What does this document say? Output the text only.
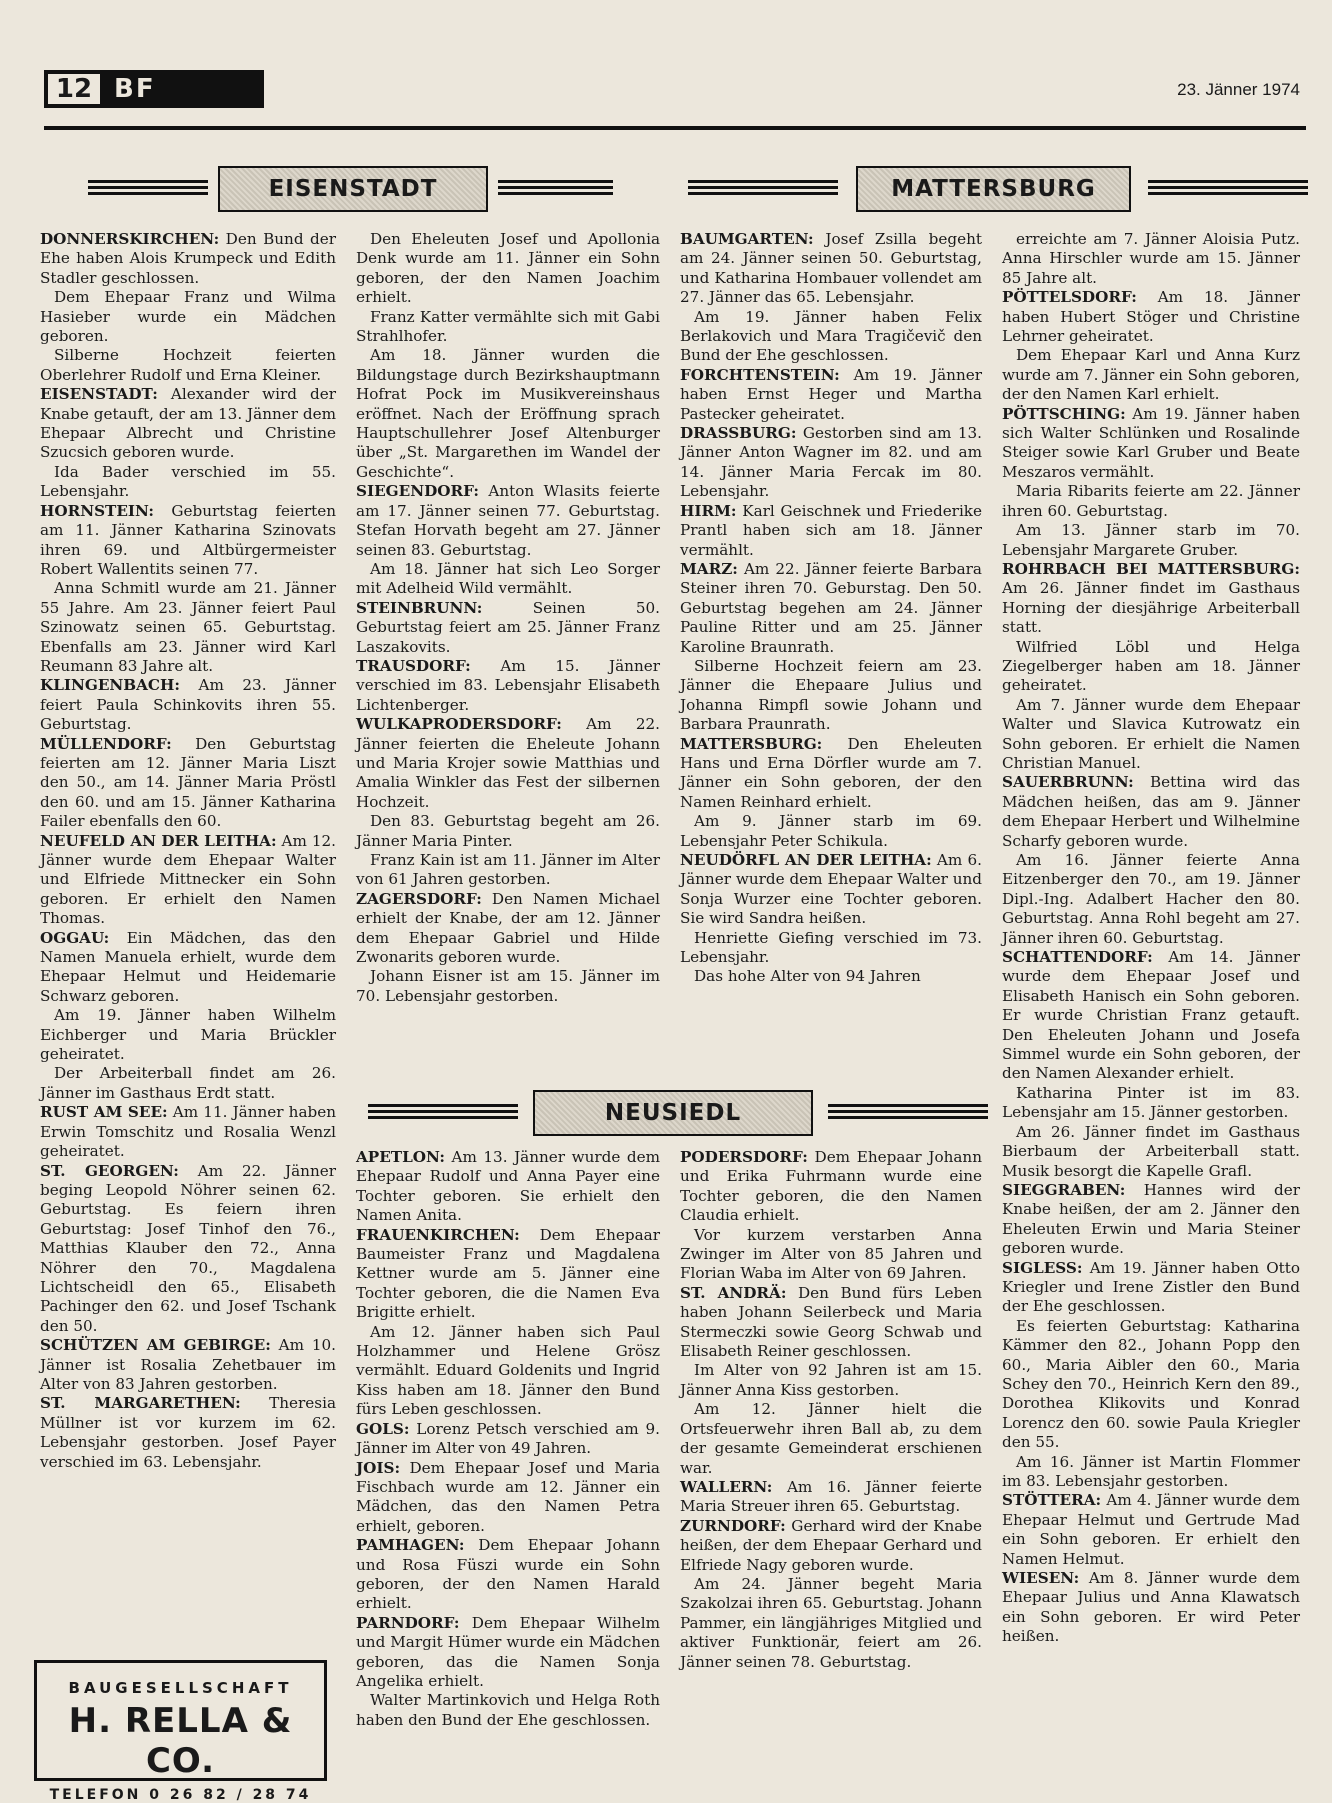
12 BF	23. Jänner 1974
EISENSTADT	MATTERSBURG
NEUSIEDL

DONNERSKIRCHEN: Den Bund der Ehe haben Alois Krumpeck und Edith Stadler geschlossen.

Dem Ehepaar Franz und Wilma Hasieber wurde ein Mädchen geboren.

Silberne Hochzeit feierten Oberlehrer Rudolf und Erna Kleiner.

EISENSTADT: Alexander wird der Knabe getauft, der am 13. Jänner dem Ehepaar Albrecht und Christine Szucsich geboren wurde.

Ida Bader verschied im 55. Lebensjahr.

HORNSTEIN: Geburtstag feierten am 11. Jänner Katharina Szinovats ihren 69. und Altbürgermeister Robert Wallentits seinen 77.

Anna Schmitl wurde am 21. Jänner 55 Jahre. Am 23. Jänner feiert Paul Szinowatz seinen 65. Geburtstag. Ebenfalls am 23. Jänner wird Karl Reumann 83 Jahre alt.

KLINGENBACH: Am 23. Jänner feiert Paula Schinkovits ihren 55. Geburtstag.

MÜLLENDORF: Den Geburtstag feierten am 12. Jänner Maria Liszt den 50., am 14. Jänner Maria Pröstl den 60. und am 15. Jänner Katharina Failer ebenfalls den 60.

NEUFELD AN DER LEITHA: Am 12. Jänner wurde dem Ehepaar Walter und Elfriede Mittnecker ein Sohn geboren. Er erhielt den Namen Thomas.

OGGAU: Ein Mädchen, das den Namen Manuela erhielt, wurde dem Ehepaar Helmut und Heidemarie Schwarz geboren.

Am 19. Jänner haben Wilhelm Eichberger und Maria Brückler geheiratet.

Der Arbeiterball findet am 26. Jänner im Gasthaus Erdt statt.

RUST AM SEE: Am 11. Jänner haben Erwin Tomschitz und Rosalia Wenzl geheiratet.

ST. GEORGEN: Am 22. Jänner beging Leopold Nöhrer seinen 62. Geburtstag. Es feiern ihren Geburtstag: Josef Tinhof den 76., Matthias Klauber den 72., Anna Nöhrer den 70., Magdalena Lichtscheidl den 65., Elisabeth Pachinger den 62. und Josef Tschank den 50.

SCHÜTZEN AM GEBIRGE: Am 10. Jänner ist Rosalia Zehetbauer im Alter von 83 Jahren gestorben.

ST. MARGARETHEN: Theresia Müllner ist vor kurzem im 62. Lebensjahr gestorben. Josef Payer verschied im 63. Lebensjahr.

Den Eheleuten Josef und Apollonia Denk wurde am 11. Jänner ein Sohn geboren, der den Namen Joachim erhielt.

Franz Katter vermählte sich mit Gabi Strahlhofer.

Am 18. Jänner wurden die Bildungstage durch Bezirkshauptmann Hofrat Pock im Musikvereinshaus eröffnet. Nach der Eröffnung sprach Hauptschullehrer Josef Altenburger über „St. Margarethen im Wandel der Geschichte“.

SIEGENDORF: Anton Wlasits feierte am 17. Jänner seinen 77. Geburtstag. Stefan Horvath begeht am 27. Jänner seinen 83. Geburtstag.

Am 18. Jänner hat sich Leo Sorger mit Adelheid Wild vermählt.

STEINBRUNN: Seinen 50. Geburtstag feiert am 25. Jänner Franz Laszakovits.

TRAUSDORF: Am 15. Jänner verschied im 83. Lebensjahr Elisabeth Lichtenberger.

WULKAPRODERSDORF: Am 22. Jänner feierten die Eheleute Johann und Maria Krojer sowie Matthias und Amalia Winkler das Fest der silbernen Hochzeit.

Den 83. Geburtstag begeht am 26. Jänner Maria Pinter.

Franz Kain ist am 11. Jänner im Alter von 61 Jahren gestorben.

ZAGERSDORF: Den Namen Michael erhielt der Knabe, der am 12. Jänner dem Ehepaar Gabriel und Hilde Zwonarits geboren wurde.

Johann Eisner ist am 15. Jänner im 70. Lebensjahr gestorben.

BAUMGARTEN: Josef Zsilla begeht am 24. Jänner seinen 50. Geburtstag, und Katharina Hombauer vollendet am 27. Jänner das 65. Lebensjahr.

Am 19. Jänner haben Felix Berlakovich und Mara Tragičevič den Bund der Ehe geschlossen.

FORCHTENSTEIN: Am 19. Jänner haben Ernst Heger und Martha Pastecker geheiratet.

DRASSBURG: Gestorben sind am 13. Jänner Anton Wagner im 82. und am 14. Jänner Maria Fercak im 80. Lebensjahr.

HIRM: Karl Geischnek und Friederike Prantl haben sich am 18. Jänner vermählt.

MARZ: Am 22. Jänner feierte Barbara Steiner ihren 70. Geburstag. Den 50. Geburtstag begehen am 24. Jänner Pauline Ritter und am 25. Jänner Karoline Braunrath.

Silberne Hochzeit feiern am 23. Jänner die Ehepaare Julius und Johanna Rimpfl sowie Johann und Barbara Praunrath.

MATTERSBURG: Den Eheleuten Hans und Erna Dörfler wurde am 7. Jänner ein Sohn geboren, der den Namen Reinhard erhielt.

Am 9. Jänner starb im 69. Lebensjahr Peter Schikula.

NEUDÖRFL AN DER LEITHA: Am 6. Jänner wurde dem Ehepaar Walter und Sonja Wurzer eine Tochter geboren. Sie wird Sandra heißen.

Henriette Giefing verschied im 73. Lebensjahr.

Das hohe Alter von 94 Jahren

erreichte am 7. Jänner Aloisia Putz. Anna Hirschler wurde am 15. Jänner 85 Jahre alt.

PÖTTELSDORF: Am 18. Jänner haben Hubert Stöger und Christine Lehrner geheiratet.

Dem Ehepaar Karl und Anna Kurz wurde am 7. Jänner ein Sohn geboren, der den Namen Karl erhielt.

PÖTTSCHING: Am 19. Jänner haben sich Walter Schlünken und Rosalinde Steiger sowie Karl Gruber und Beate Meszaros vermählt.

Maria Ribarits feierte am 22. Jänner ihren 60. Geburtstag.

Am 13. Jänner starb im 70. Lebensjahr Margarete Gruber.

ROHRBACH BEI MATTERSBURG: Am 26. Jänner findet im Gasthaus Horning der diesjährige Arbeiterball statt.

Wilfried Löbl und Helga Ziegelberger haben am 18. Jänner geheiratet.

Am 7. Jänner wurde dem Ehepaar Walter und Slavica Kutrowatz ein Sohn geboren. Er erhielt die Namen Christian Manuel.

SAUERBRUNN: Bettina wird das Mädchen heißen, das am 9. Jänner dem Ehepaar Herbert und Wilhelmine Scharfy geboren wurde.

Am 16. Jänner feierte Anna Eitzenberger den 70., am 19. Jänner Dipl.-Ing. Adalbert Hacher den 80. Geburtstag. Anna Rohl begeht am 27. Jänner ihren 60. Geburtstag.

SCHATTENDORF: Am 14. Jänner wurde dem Ehepaar Josef und Elisabeth Hanisch ein Sohn geboren. Er wurde Christian Franz getauft. Den Eheleuten Johann und Josefa Simmel wurde ein Sohn geboren, der den Namen Alexander erhielt.

Katharina Pinter ist im 83. Lebensjahr am 15. Jänner gestorben.

Am 26. Jänner findet im Gasthaus Bierbaum der Arbeiterball statt. Musik besorgt die Kapelle Grafl.

SIEGGRABEN: Hannes wird der Knabe heißen, der am 2. Jänner den Eheleuten Erwin und Maria Steiner geboren wurde.

SIGLESS: Am 19. Jänner haben Otto Kriegler und Irene Zistler den Bund der Ehe geschlossen.

Es feierten Geburtstag: Katharina Kämmer den 82., Johann Popp den 60., Maria Aibler den 60., Maria Schey den 70., Heinrich Kern den 89., Dorothea Klikovits und Konrad Lorencz den 60. sowie Paula Kriegler den 55.

Am 16. Jänner ist Martin Flommer im 83. Lebensjahr gestorben.

STÖTTERA: Am 4. Jänner wurde dem Ehepaar Helmut und Gertrude Mad ein Sohn geboren. Er erhielt den Namen Helmut.

WIESEN: Am 8. Jänner wurde dem Ehepaar Julius und Anna Klawatsch ein Sohn geboren. Er wird Peter heißen.

APETLON: Am 13. Jänner wurde dem Ehepaar Rudolf und Anna Payer eine Tochter geboren. Sie erhielt den Namen Anita.

FRAUENKIRCHEN: Dem Ehepaar Baumeister Franz und Magdalena Kettner wurde am 5. Jänner eine Tochter geboren, die die Namen Eva Brigitte erhielt.

Am 12. Jänner haben sich Paul Holzhammer und Helene Grösz vermählt. Eduard Goldenits und Ingrid Kiss haben am 18. Jänner den Bund fürs Leben geschlossen.

GOLS: Lorenz Petsch verschied am 9. Jänner im Alter von 49 Jahren.

JOIS: Dem Ehepaar Josef und Maria Fischbach wurde am 12. Jänner ein Mädchen, das den Namen Petra erhielt, geboren.

PAMHAGEN: Dem Ehepaar Johann und Rosa Füszi wurde ein Sohn geboren, der den Namen Harald erhielt.

PARNDORF: Dem Ehepaar Wilhelm und Margit Hümer wurde ein Mädchen geboren, das die Namen Sonja Angelika erhielt.

Walter Martinkovich und Helga Roth haben den Bund der Ehe geschlossen.

PODERSDORF: Dem Ehepaar Johann und Erika Fuhrmann wurde eine Tochter geboren, die den Namen Claudia erhielt.

Vor kurzem verstarben Anna Zwinger im Alter von 85 Jahren und Florian Waba im Alter von 69 Jahren.

ST. ANDRÄ: Den Bund fürs Leben haben Johann Seilerbeck und Maria Stermeczki sowie Georg Schwab und Elisabeth Reiner geschlossen.

Im Alter von 92 Jahren ist am 15. Jänner Anna Kiss gestorben.

Am 12. Jänner hielt die Ortsfeuerwehr ihren Ball ab, zu dem der gesamte Gemeinderat erschienen war.

WALLERN: Am 16. Jänner feierte Maria Streuer ihren 65. Geburtstag.

ZURNDORF: Gerhard wird der Knabe heißen, der dem Ehepaar Gerhard und Elfriede Nagy geboren wurde.

Am 24. Jänner begeht Maria Szakolzai ihren 65. Geburtstag. Johann Pammer, ein längjähriges Mitglied und aktiver Funktionär, feiert am 26. Jänner seinen 78. Geburtstag.

BAUGESELLSCHAFT
H. RELLA & CO.
TELEFON 0 26 82 / 28 74
